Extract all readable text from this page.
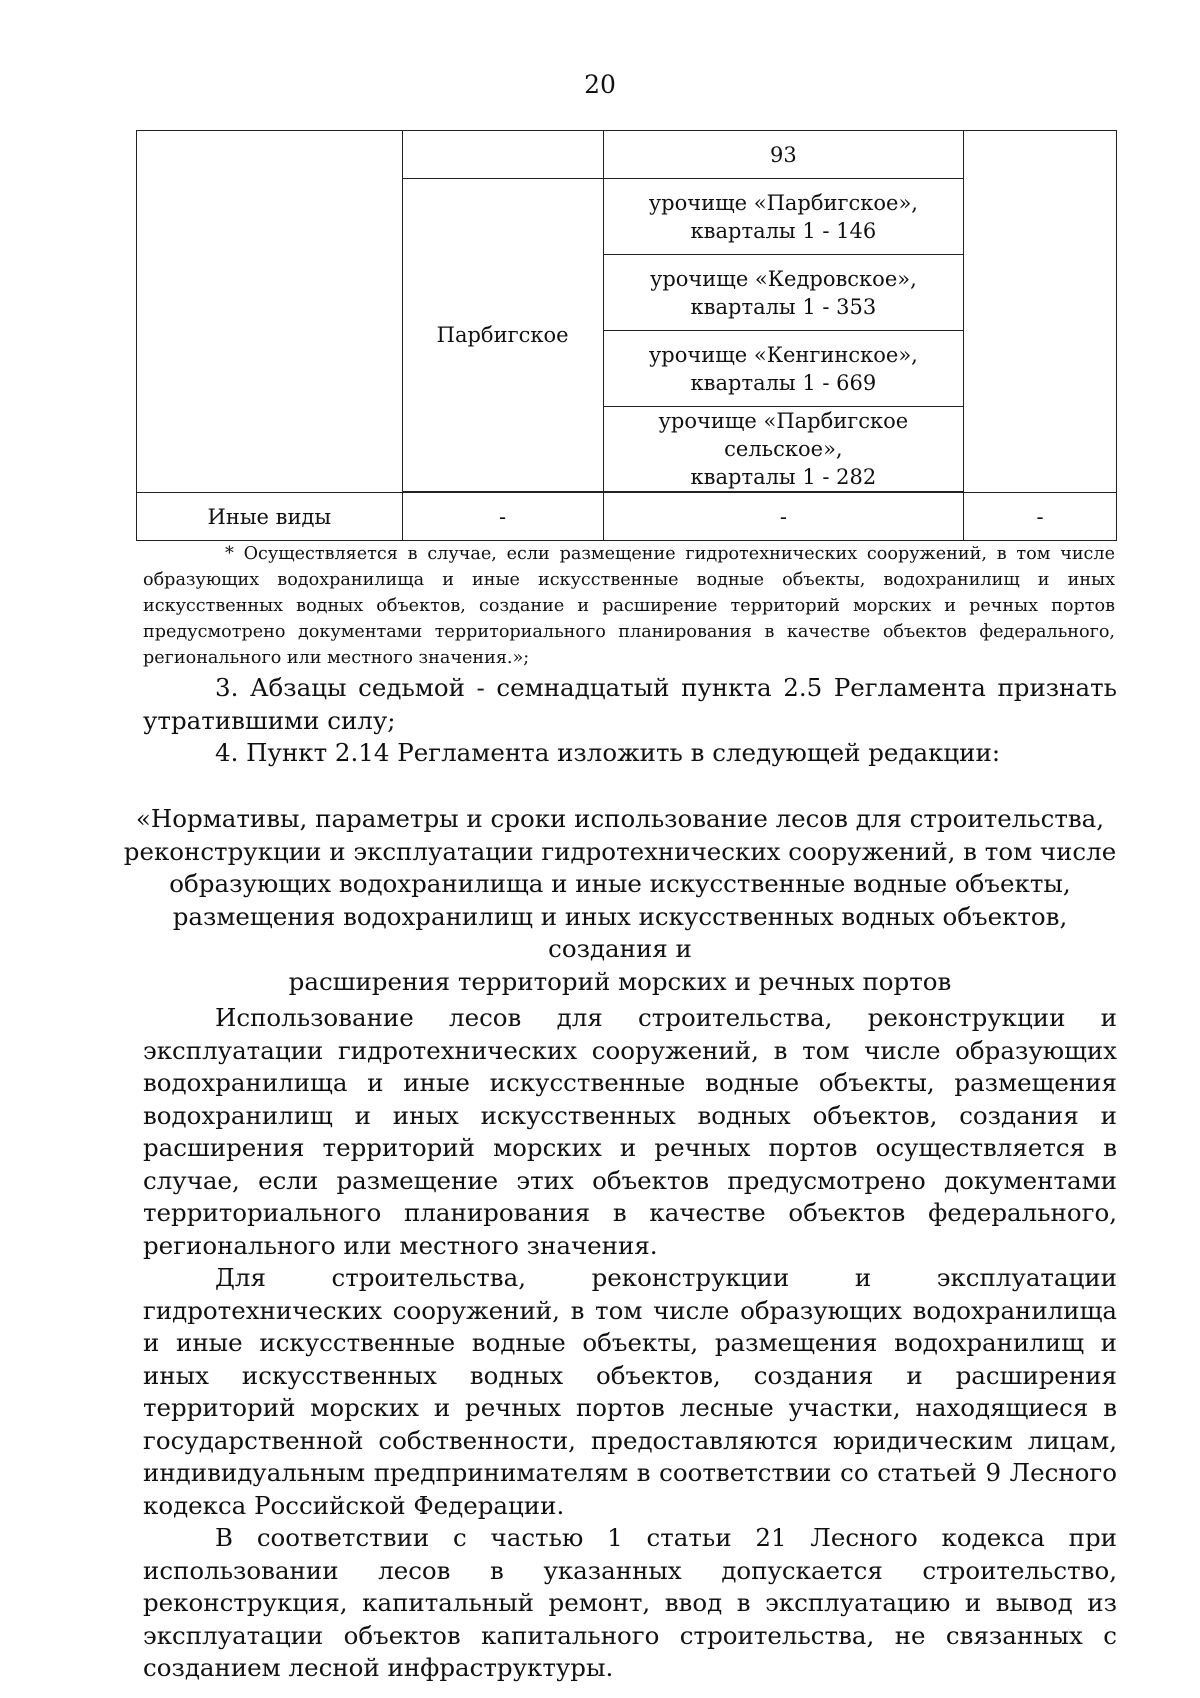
20
		93	
	Парбигское	урочище «Парбигское»,
кварталы 1 - 146	

		урочище «Кедровское»,
кварталы 1 - 353	

		урочище «Кенгинское»,
кварталы 1 - 669	

		урочище «Парбигское сельское»,
кварталы 1 - 282	

Иные виды	-	-	-

* Осуществляется в случае, если размещение гидротехнических сооружений, в том числе образующих водохранилища и иные искусственные водные объекты, водохранилищ и иных искусственных водных объектов, создание и расширение территорий морских и речных портов предусмотрено документами территориального планирования в качестве объектов федерального, регионального или местного значения.»;

3. Абзацы седьмой - семнадцатый пункта 2.5 Регламента признать утратившими силу;

4. Пункт 2.14 Регламента изложить в следующей редакции:

«Нормативы, параметры и сроки использование лесов для строительства,

реконструкции и эксплуатации гидротехнических сооружений, в том числе

образующих водохранилища и иные искусственные водные объекты,

размещения водохранилищ и иных искусственных водных объектов, создания и

расширения территорий морских и речных портов

Использование лесов для строительства, реконструкции и эксплуатации гидротехнических сооружений, в том числе образующих водохранилища и иные искусственные водные объекты, размещения водохранилищ и иных искусственных водных объектов, создания и расширения территорий морских и речных портов осуществляется в случае, если размещение этих объектов предусмотрено документами территориального планирования в качестве объектов федерального, регионального или местного значения.

Для строительства, реконструкции и эксплуатации гидротехнических сооружений, в том числе образующих водохранилища и иные искусственные водные объекты, размещения водохранилищ и иных искусственных водных объектов, создания и расширения территорий морских и речных портов лесные участки, находящиеся в государственной собственности, предоставляются юридическим лицам, индивидуальным предпринимателям в соответствии со статьей 9 Лесного кодекса Российской Федерации.

В соответствии с частью 1 статьи 21 Лесного кодекса при использовании лесов в указанных допускается строительство, реконструкция, капитальный ремонт, ввод в эксплуатацию и вывод из эксплуатации объектов капитального строительства, не связанных с созданием лесной инфраструктуры.
